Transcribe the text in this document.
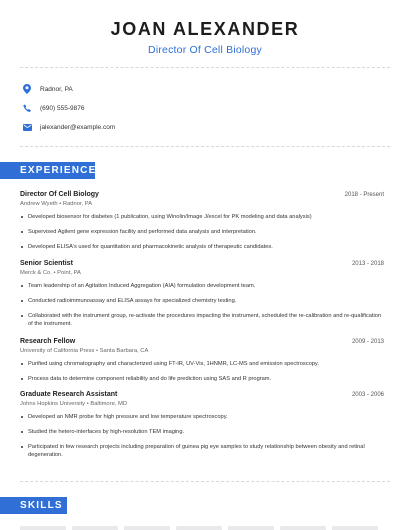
JOAN ALEXANDER
Director Of Cell Biology
Radnor, PA
(690) 555-9876
jalexander@example.com
EXPERIENCE
Director Of Cell Biology	2018 - Present
Andrew Wyeth • Radnor, PA
Developed biosensor for diabetes (1 publication, using Winolin/Image J/excel for PK modeling and data analysis)
Supervised Agilent gene expression facility and performed data analysis and interpretation.
Developed ELISA's used for quantitation and pharmacokinetic analysis of therapeutic candidates.
Senior Scientist	2013 - 2018
Merck & Co. • Point, PA
Team leadership of an Agitation Induced Aggregation (AIA) formulation development team.
Conducted radioimmunoassay and ELISA assays for specialized chemistry testing.
Collaborated with the instrument group, re-activate the procedures impacting the instrument, scheduled the re-calibration and re-qualification of the instrument.
Research Fellow	2009 - 2013
University of California Press • Santa Barbara, CA
Purified using chromatography and characterized using FT-IR, UV-Vis, 1HNMR, LC-MS and emission spectroscopy.
Process data to determine component reliability and do life prediction using SAS and R program.
Graduate Research Assistant	2003 - 2006
Johns Hopkins University • Baltimore, MD
Developed an NMR probe for high pressure and low temperature spectroscopy.
Studied the hetero-interfaces by high-resolution TEM imaging.
Participated in few research projects including preparation of guinea pig eye samples to study relationship between obesity and retinal degeneration.
SKILLS
